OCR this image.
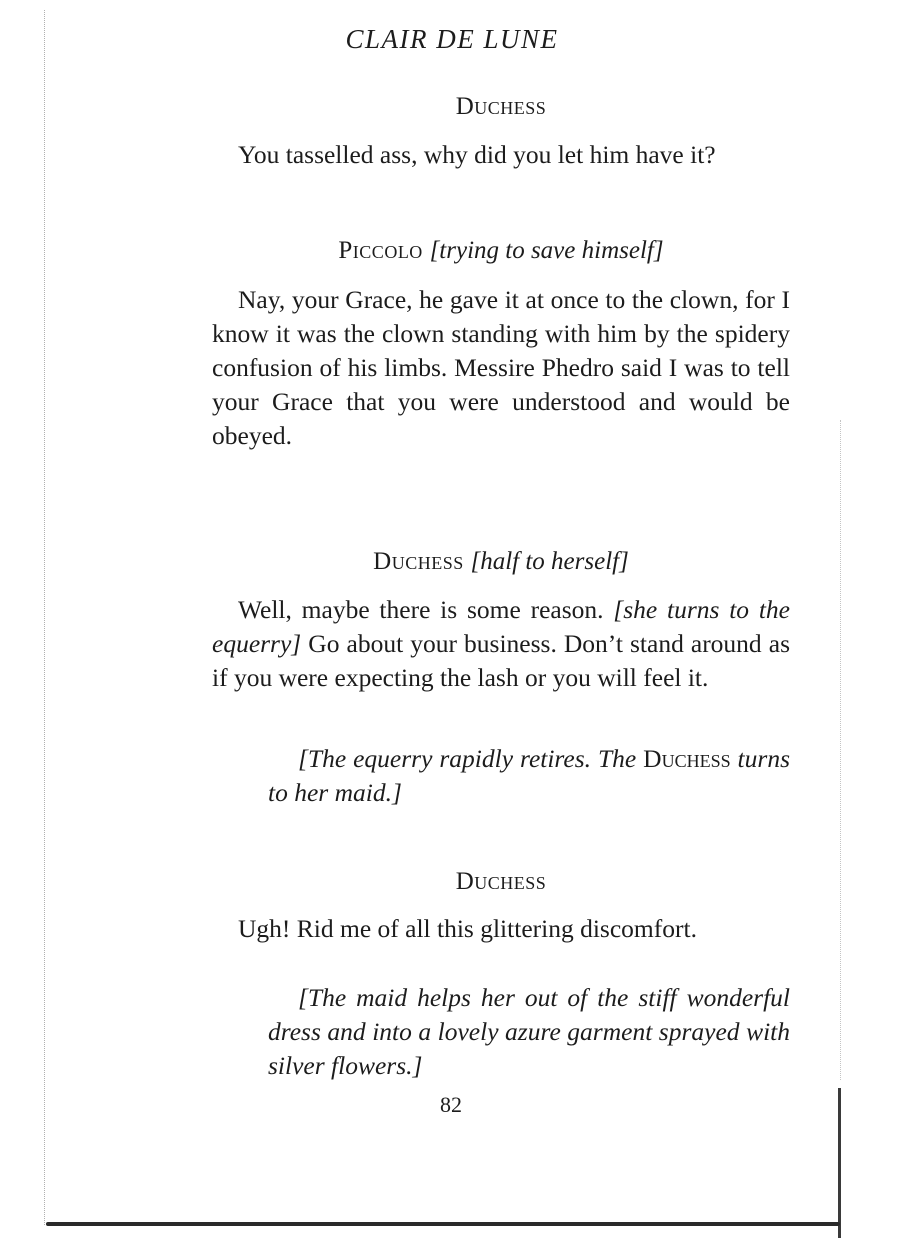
CLAIR DE LUNE
Duchess
You tasselled ass, why did you let him have it?
Piccolo [trying to save himself]
Nay, your Grace, he gave it at once to the clown, for I know it was the clown standing with him by the spidery confusion of his limbs. Messire Phedro said I was to tell your Grace that you were understood and would be obeyed.
Duchess [half to herself]
Well, maybe there is some reason. [she turns to the equerry] Go about your business. Don’t stand around as if you were expecting the lash or you will feel it.
[The equerry rapidly retires. The Duchess turns to her maid.]
Duchess
Ugh! Rid me of all this glittering discomfort.
[The maid helps her out of the stiff wonderful dress and into a lovely azure garment sprayed with silver flowers.]
82
